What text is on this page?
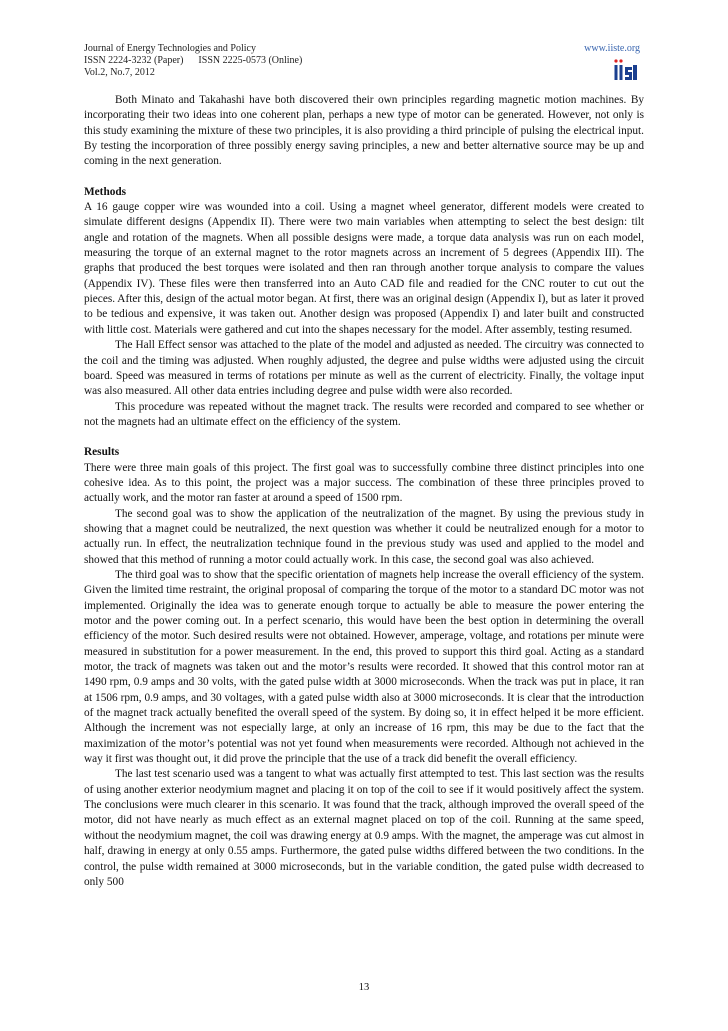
Journal of Energy Technologies and Policy
ISSN 2224-3232 (Paper)      ISSN 2225-0573 (Online)
Vol.2, No.7, 2012
www.iiste.org

Both Minato and Takahashi have both discovered their own principles regarding magnetic motion machines. By incorporating their two ideas into one coherent plan, perhaps a new type of motor can be generated. However, not only is this study examining the mixture of these two principles, it is also providing a third principle of pulsing the electrical input. By testing the incorporation of three possibly energy saving principles, a new and better alternative source may be up and coming in the next generation.

Methods

A 16 gauge copper wire was wounded into a coil. Using a magnet wheel generator, different models were created to simulate different designs (Appendix II). There were two main variables when attempting to select the best design: tilt angle and rotation of the magnets. When all possible designs were made, a torque data analysis was run on each model, measuring the torque of an external magnet to the rotor magnets across an increment of 5 degrees (Appendix III). The graphs that produced the best torques were isolated and then ran through another torque analysis to compare the values (Appendix IV). These files were then transferred into an Auto CAD file and readied for the CNC router to cut out the pieces. After this, design of the actual motor began. At first, there was an original design (Appendix I), but as later it proved to be tedious and expensive, it was taken out. Another design was proposed (Appendix I) and later built and constructed with little cost. Materials were gathered and cut into the shapes necessary for the model. After assembly, testing resumed.

The Hall Effect sensor was attached to the plate of the model and adjusted as needed. The circuitry was connected to the coil and the timing was adjusted. When roughly adjusted, the degree and pulse widths were adjusted using the circuit board. Speed was measured in terms of rotations per minute as well as the current of electricity. Finally, the voltage input was also measured. All other data entries including degree and pulse width were also recorded.

This procedure was repeated without the magnet track. The results were recorded and compared to see whether or not the magnets had an ultimate effect on the efficiency of the system.

Results

There were three main goals of this project. The first goal was to successfully combine three distinct principles into one cohesive idea. As to this point, the project was a major success. The combination of these three principles proved to actually work, and the motor ran faster at around a speed of 1500 rpm.

The second goal was to show the application of the neutralization of the magnet. By using the previous study in showing that a magnet could be neutralized, the next question was whether it could be neutralized enough for a motor to actually run. In effect, the neutralization technique found in the previous study was used and applied to the model and showed that this method of running a motor could actually work. In this case, the second goal was also achieved.

The third goal was to show that the specific orientation of magnets help increase the overall efficiency of the system. Given the limited time restraint, the original proposal of comparing the torque of the motor to a standard DC motor was not implemented. Originally the idea was to generate enough torque to actually be able to measure the power entering the motor and the power coming out. In a perfect scenario, this would have been the best option in determining the overall efficiency of the motor. Such desired results were not obtained. However, amperage, voltage, and rotations per minute were measured in substitution for a power measurement. In the end, this proved to support this third goal. Acting as a standard motor, the track of magnets was taken out and the motor’s results were recorded. It showed that this control motor ran at 1490 rpm, 0.9 amps and 30 volts, with the gated pulse width at 3000 microseconds. When the track was put in place, it ran at 1506 rpm, 0.9 amps, and 30 voltages, with a gated pulse width also at 3000 microseconds. It is clear that the introduction of the magnet track actually benefited the overall speed of the system. By doing so, it in effect helped it be more efficient. Although the increment was not especially large, at only an increase of 16 rpm, this may be due to the fact that the maximization of the motor’s potential was not yet found when measurements were recorded. Although not achieved in the way it first was thought out, it did prove the principle that the use of a track did benefit the overall efficiency.

The last test scenario used was a tangent to what was actually first attempted to test. This last section was the results of using another exterior neodymium magnet and placing it on top of the coil to see if it would positively affect the system. The conclusions were much clearer in this scenario. It was found that the track, although improved the overall speed of the motor, did not have nearly as much effect as an external magnet placed on top of the coil. Running at the same speed, without the neodymium magnet, the coil was drawing energy at 0.9 amps. With the magnet, the amperage was cut almost in half, drawing in energy at only 0.55 amps. Furthermore, the gated pulse widths differed between the two conditions. In the control, the pulse width remained at 3000 microseconds, but in the variable condition, the gated pulse width decreased to only 500

13
